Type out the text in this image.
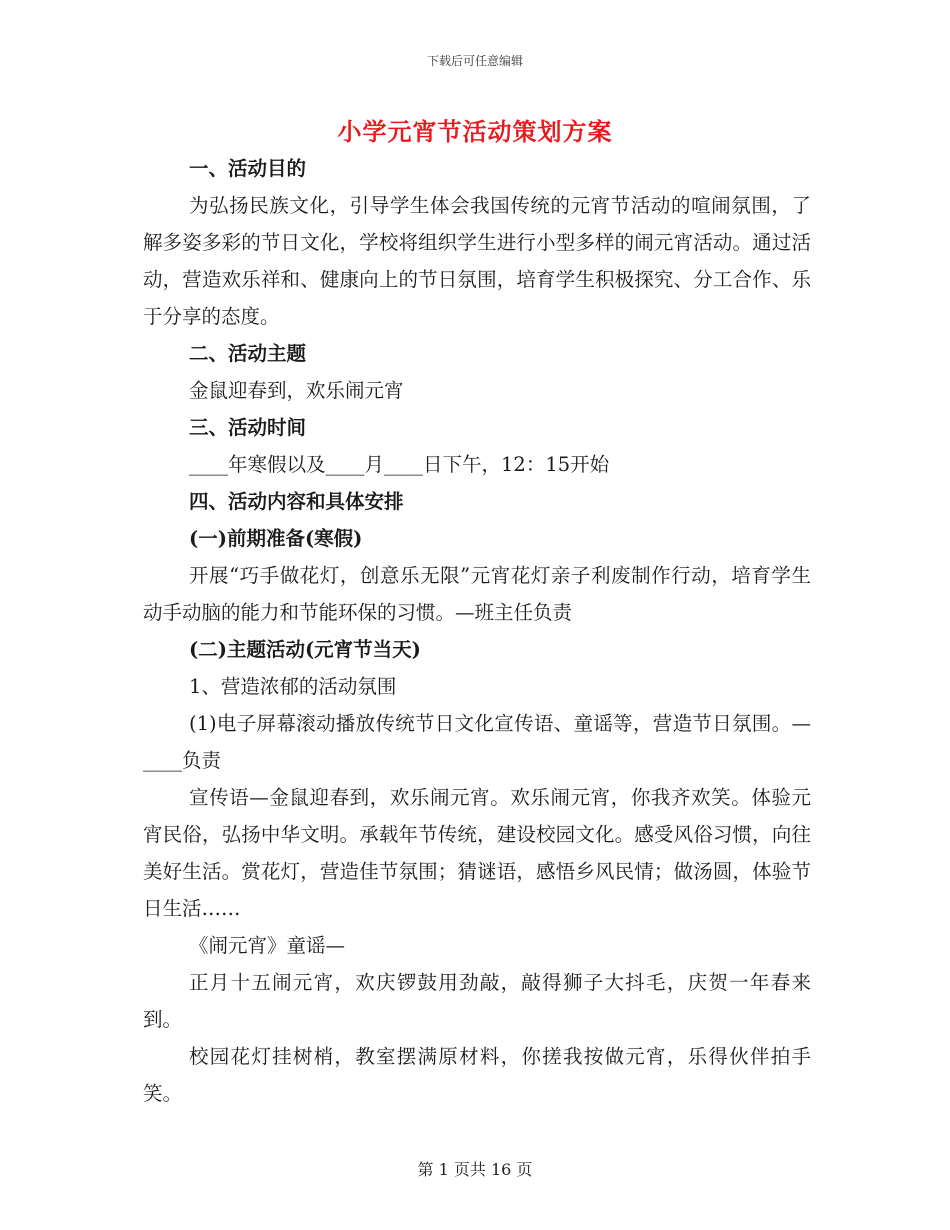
下载后可任意编辑
小学元宵节活动策划方案
一、活动目的
为弘扬民族文化，引导学生体会我国传统的元宵节活动的喧闹氛围，了解多姿多彩的节日文化，学校将组织学生进行小型多样的闹元宵活动。通过活动，营造欢乐祥和、健康向上的节日氛围，培育学生积极探究、分工合作、乐于分享的态度。
二、活动主题
金鼠迎春到，欢乐闹元宵
三、活动时间
____年寒假以及____月____日下午，12：15开始
四、活动内容和具体安排
(一)前期准备(寒假)
开展“巧手做花灯，创意乐无限”元宵花灯亲子利废制作行动，培育学生动手动脑的能力和节能环保的习惯。—班主任负责
(二)主题活动(元宵节当天)
1、营造浓郁的活动氛围
(1)电子屏幕滚动播放传统节日文化宣传语、童谣等，营造节日氛围。—____负责
宣传语—金鼠迎春到，欢乐闹元宵。欢乐闹元宵，你我齐欢笑。体验元宵民俗，弘扬中华文明。承载年节传统，建设校园文化。感受风俗习惯，向往美好生活。赏花灯，营造佳节氛围；猜谜语，感悟乡风民情；做汤圆，体验节日生活……
《闹元宵》童谣—
正月十五闹元宵，欢庆锣鼓用劲敲，敲得狮子大抖毛，庆贺一年春来到。
校园花灯挂树梢，教室摆满原材料，你搓我按做元宵，乐得伙伴拍手笑。
第 1 页共 16 页
